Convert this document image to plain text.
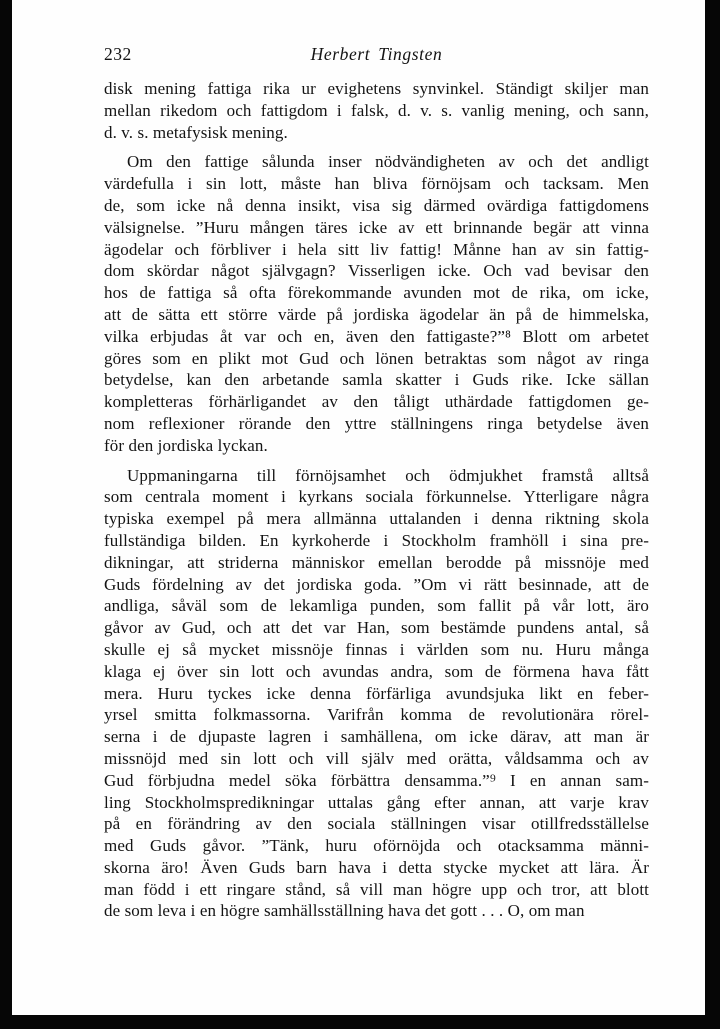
232	Herbert Tingsten
disk mening fattiga rika ur evighetens synvinkel. Ständigt skiljer man
mellan rikedom och fattigdom i falsk, d. v. s. vanlig mening, och sann,
d. v. s. metafysisk mening.
Om den fattige sålunda inser nödvändigheten av och det andligt
värdefulla i sin lott, måste han bliva förnöjsam och tacksam. Men
de, som icke nå denna insikt, visa sig därmed ovärdiga fattigdomens
välsignelse. ”Huru mången täres icke av ett brinnande begär att vinna
ägodelar och förbliver i hela sitt liv fattig! Månne han av sin fattig-
dom skördar något självgagn? Visserligen icke. Och vad bevisar den
hos de fattiga så ofta förekommande avunden mot de rika, om icke,
att de sätta ett större värde på jordiska ägodelar än på de himmelska,
vilka erbjudas åt var och en, även den fattigaste?”⁸ Blott om arbetet
göres som en plikt mot Gud och lönen betraktas som något av ringa
betydelse, kan den arbetande samla skatter i Guds rike. Icke sällan
kompletteras förhärligandet av den tåligt uthärdade fattigdomen ge-
nom reflexioner rörande den yttre ställningens ringa betydelse även
för den jordiska lyckan.
Uppmaningarna till förnöjsamhet och ödmjukhet framstå alltså
som centrala moment i kyrkans sociala förkunnelse. Ytterligare några
typiska exempel på mera allmänna uttalanden i denna riktning skola
fullständiga bilden. En kyrkoherde i Stockholm framhöll i sina pre-
dikningar, att striderna människor emellan berodde på missnöje med
Guds fördelning av det jordiska goda. ”Om vi rätt besinnade, att de
andliga, såväl som de lekamliga punden, som fallit på vår lott, äro
gåvor av Gud, och att det var Han, som bestämde pundens antal, så
skulle ej så mycket missnöje finnas i världen som nu. Huru många
klaga ej över sin lott och avundas andra, som de förmena hava fått
mera. Huru tyckes icke denna förfärliga avundsjuka likt en feber-
yrsel smitta folkmassorna. Varifrån komma de revolutionära rörel-
serna i de djupaste lagren i samhällena, om icke därav, att man är
missnöjd med sin lott och vill själv med orätta, våldsamma och av
Gud förbjudna medel söka förbättra densamma.”⁹ I en annan sam-
ling Stockholmspredikningar uttalas gång efter annan, att varje krav
på en förändring av den sociala ställningen visar otillfredsställelse
med Guds gåvor. ”Tänk, huru oförnöjda och otacksamma männi-
skorna äro! Även Guds barn hava i detta stycke mycket att lära. Är
man född i ett ringare stånd, så vill man högre upp och tror, att blott
de som leva i en högre samhällsställning hava det gott . . . O, om man
